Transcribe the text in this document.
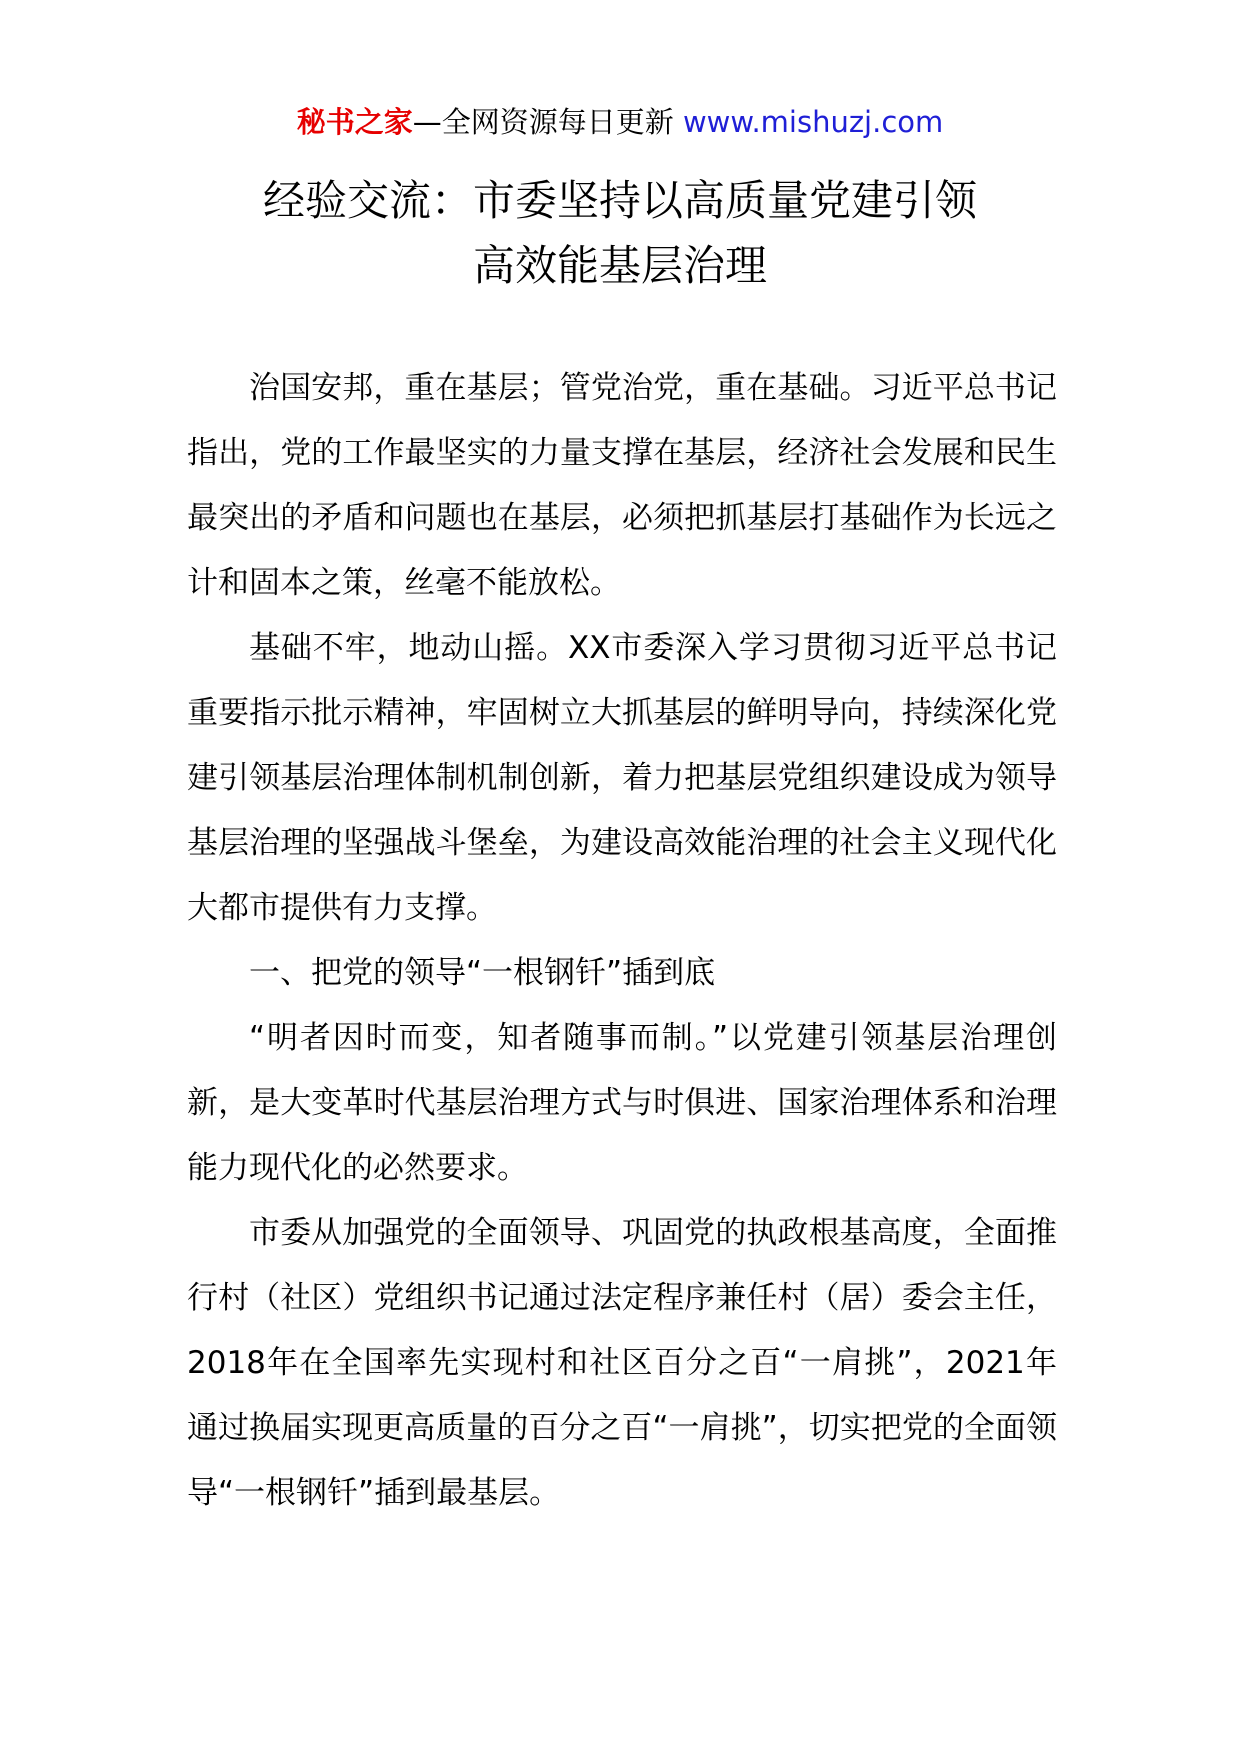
秘书之家—全网资源每日更新 www.mishuzj.com
经验交流：市委坚持以高质量党建引领
高效能基层治理

治国安邦，重在基层；管党治党，重在基础。习近平总书记指出，党的工作最坚实的力量支撑在基层，经济社会发展和民生最突出的矛盾和问题也在基层，必须把抓基层打基础作为长远之计和固本之策，丝毫不能放松。

基础不牢，地动山摇。XX市委深入学习贯彻习近平总书记重要指示批示精神，牢固树立大抓基层的鲜明导向，持续深化党建引领基层治理体制机制创新，着力把基层党组织建设成为领导基层治理的坚强战斗堡垒，为建设高效能治理的社会主义现代化大都市提供有力支撑。

一、把党的领导“一根钢钎”插到底

“明者因时而变，知者随事而制。”以党建引领基层治理创新，是大变革时代基层治理方式与时俱进、国家治理体系和治理能力现代化的必然要求。

市委从加强党的全面领导、巩固党的执政根基高度，全面推行村（社区）党组织书记通过法定程序兼任村（居）委会主任，2018年在全国率先实现村和社区百分之百“一肩挑”，2021年通过换届实现更高质量的百分之百“一肩挑”，切实把党的全面领导“一根钢钎”插到最基层。
